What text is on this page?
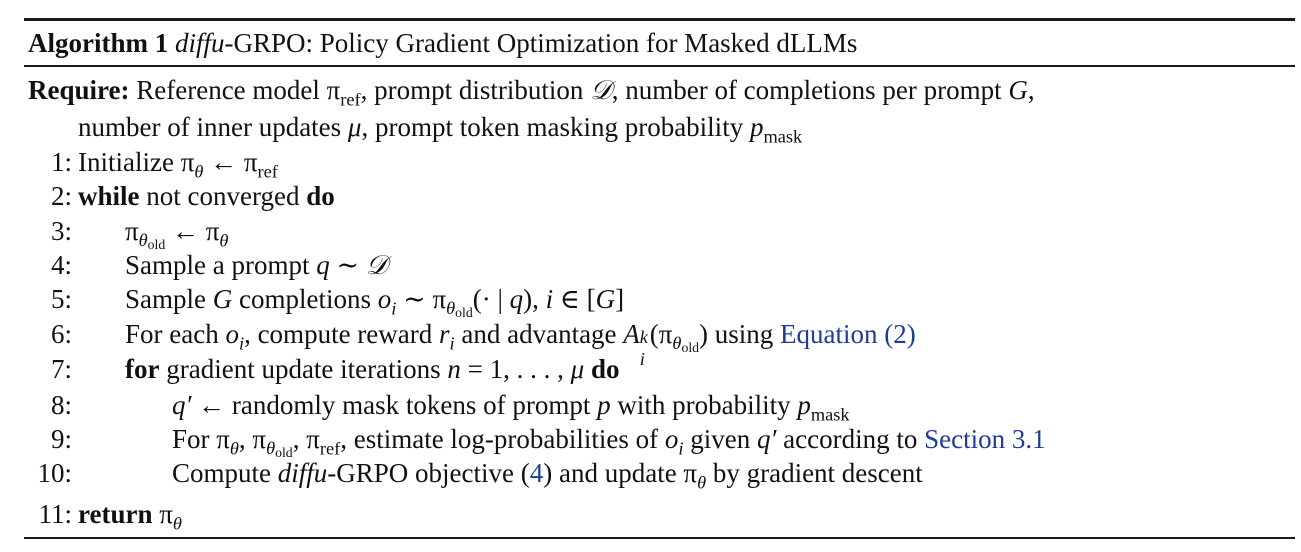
Algorithm 1 diffu-GRPO: Policy Gradient Optimization for Masked dLLMs
Require: Reference model $\pi_{ref}$, prompt distribution 𝒟, number of completions per prompt G,
number of inner updates μ, prompt token masking probability $p_{mask}$
1: Initialize $\pi_\theta$ ← $\pi_{ref}$
2: while not converged do
3: $\pi_{\theta_{old}}$ ← $\pi_\theta$
4: Sample a prompt q ∼ 𝒟
5: Sample G completions $o_i$ ∼ $\pi_{\theta_{old}}(\cdot$ | q), i ∈ [G]
6: For each $o_i$, compute reward $r_i$ and advantage A k
i
$(\pi_{\theta_{old}})$ using Equation (2)
7: for gradient update iterations n = 1, . . . , μ do
8:	q′ ← randomly mask tokens of prompt p with probability $p_{mask}$
9:	For $\pi_\theta$, $\pi_{\theta_{old}}$, $\pi_{ref}$, estimate log-probabilities of $o_i$ given q′ according to Section 3.1
10:	Compute diffu-GRPO objective (4) and update $\pi_\theta$ by gradient descent
11: return $\pi_\theta$
